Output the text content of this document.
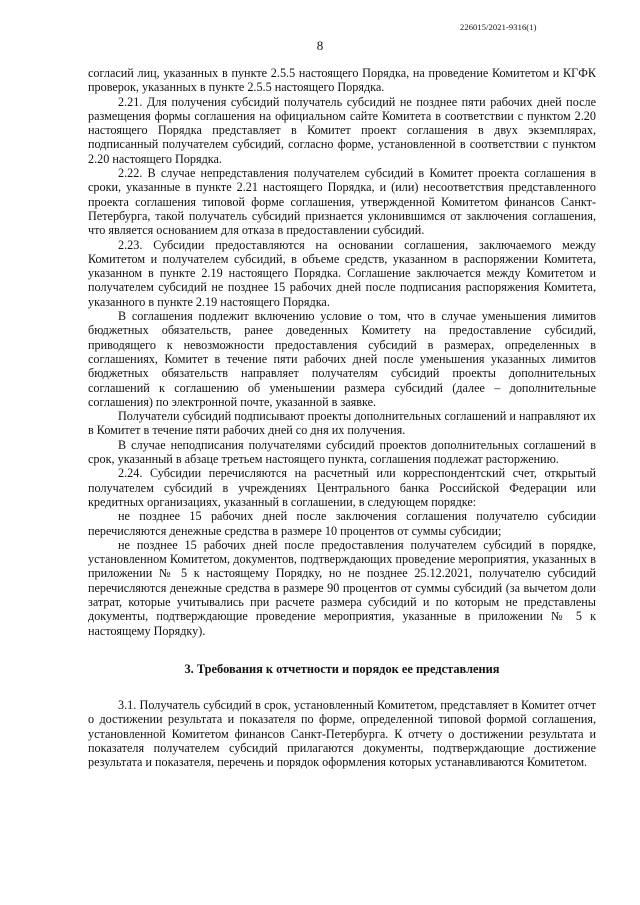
226015/2021-9316(1)
8

согласий лиц, указанных в пункте 2.5.5 настоящего Порядка, на проведение Комитетом и КГФК проверок, указанных в пункте 2.5.5 настоящего Порядка.

2.21. Для получения субсидий получатель субсидий не позднее пяти рабочих дней после размещения формы соглашения на официальном сайте Комитета в соответствии с пунктом 2.20 настоящего Порядка представляет в Комитет проект соглашения в двух экземплярах, подписанный получателем субсидий, согласно форме, установленной в соответствии с пунктом 2.20 настоящего Порядка.

2.22. В случае непредставления получателем субсидий в Комитет проекта соглашения в сроки, указанные в пункте 2.21 настоящего Порядка, и (или) несоответствия представленного проекта соглашения типовой форме соглашения, утвержденной Комитетом финансов Санкт-Петербурга, такой получатель субсидий признается уклонившимся от заключения соглашения, что является основанием для отказа в предоставлении субсидий.

2.23. Субсидии предоставляются на основании соглашения, заключаемого между Комитетом и получателем субсидий, в объеме средств, указанном в распоряжении Комитета, указанном в пункте 2.19 настоящего Порядка. Соглашение заключается между Комитетом и получателем субсидий не позднее 15 рабочих дней после подписания распоряжения Комитета, указанного в пункте 2.19 настоящего Порядка.

В соглашения подлежит включению условие о том, что в случае уменьшения лимитов бюджетных обязательств, ранее доведенных Комитету на предоставление субсидий, приводящего к невозможности предоставления субсидий в размерах, определенных в соглашениях, Комитет в течение пяти рабочих дней после уменьшения указанных лимитов бюджетных обязательств направляет получателям субсидий проекты дополнительных соглашений к соглашению об уменьшении размера субсидий (далее – дополнительные соглашения) по электронной почте, указанной в заявке.

Получатели субсидий подписывают проекты дополнительных соглашений и направляют их в Комитет в течение пяти рабочих дней со дня их получения.

В случае неподписания получателями субсидий проектов дополнительных соглашений в срок, указанный в абзаце третьем настоящего пункта, соглашения подлежат расторжению.

2.24. Субсидии перечисляются на расчетный или корреспондентский счет, открытый получателем субсидий в учреждениях Центрального банка Российской Федерации или кредитных организациях, указанный в соглашении, в следующем порядке:

не позднее 15 рабочих дней после заключения соглашения получателю субсидии перечисляются денежные средства в размере 10 процентов от суммы субсидии;

не позднее 15 рабочих дней после предоставления получателем субсидий в порядке, установленном Комитетом, документов, подтверждающих проведение мероприятия, указанных в приложении № 5 к настоящему Порядку, но не позднее 25.12.2021, получателю субсидий перечисляются денежные средства в размере 90 процентов от суммы субсидий (за вычетом доли затрат, которые учитывались при расчете размера субсидий и по которым не представлены документы, подтверждающие проведение мероприятия, указанные в приложении № 5 к настоящему Порядку).

3. Требования к отчетности и порядок ее представления

3.1. Получатель субсидий в срок, установленный Комитетом, представляет в Комитет отчет о достижении результата и показателя по форме, определенной типовой формой соглашения, установленной Комитетом финансов Санкт-Петербурга. К отчету о достижении результата и показателя получателем субсидий прилагаются документы, подтверждающие достижение результата и показателя, перечень и порядок оформления которых устанавливаются Комитетом.
